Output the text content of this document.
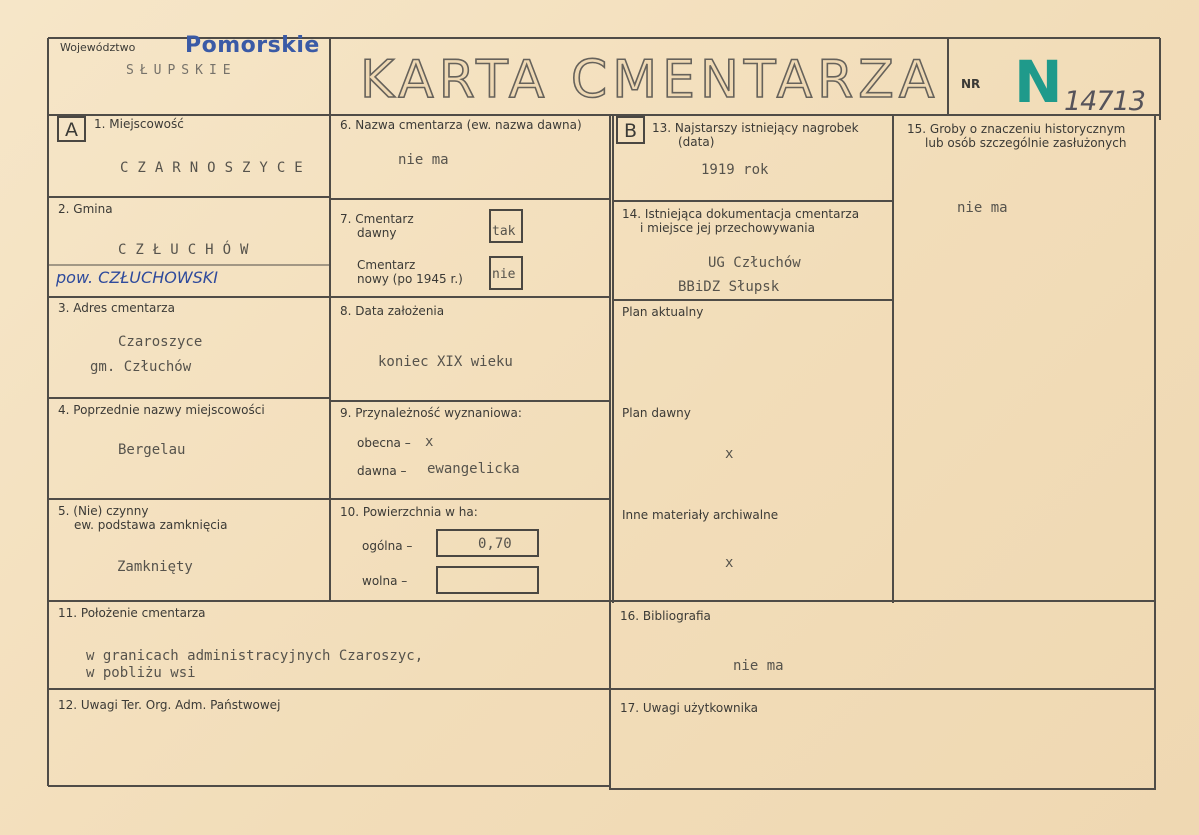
Województwo Pomorskie
SŁUPSKIE KARTA CMENTARZA NR N 14713
A	1. Miejscowość
CZARNOSZYCE
2. Gmina
CZŁUCHÓW
pow. CZŁUCHOWSKI
3. Adres cmentarza
Czaroszyce
gm. Człuchów
4. Poprzednie nazwy miejscowości
Bergelau
5. (Nie) czynny
ew. podstawa zamknięcia
Zamknięty
6. Nazwa cmentarza (ew. nazwa dawna)
nie ma
7. Cmentarz
dawny	tak
Cmentarz
nowy (po 1945 r.) nie
8. Data założenia
koniec XIX wieku
9. Przynależność wyznaniowa:
obecna – x
dawna – ewangelicka
10. Powierzchnia w ha:
ogólna –	0,70
wolna –
11. Położenie cmentarza
w granicach administracyjnych Czaroszyc,
w pobliżu wsi
12. Uwagi Ter. Org. Adm. Państwowej
B	13. Najstarszy istniejący nagrobek
(data)
1919 rok
14. Istniejąca dokumentacja cmentarza
i miejsce jej przechowywania
UG Człuchów
BBiDZ Słupsk
Plan aktualny
Plan dawny
x
Inne materiały archiwalne
x
15. Groby o znaczeniu historycznym
lub osób szczególnie zasłużonych
nie ma
16. Bibliografia
nie ma
17. Uwagi użytkownika
